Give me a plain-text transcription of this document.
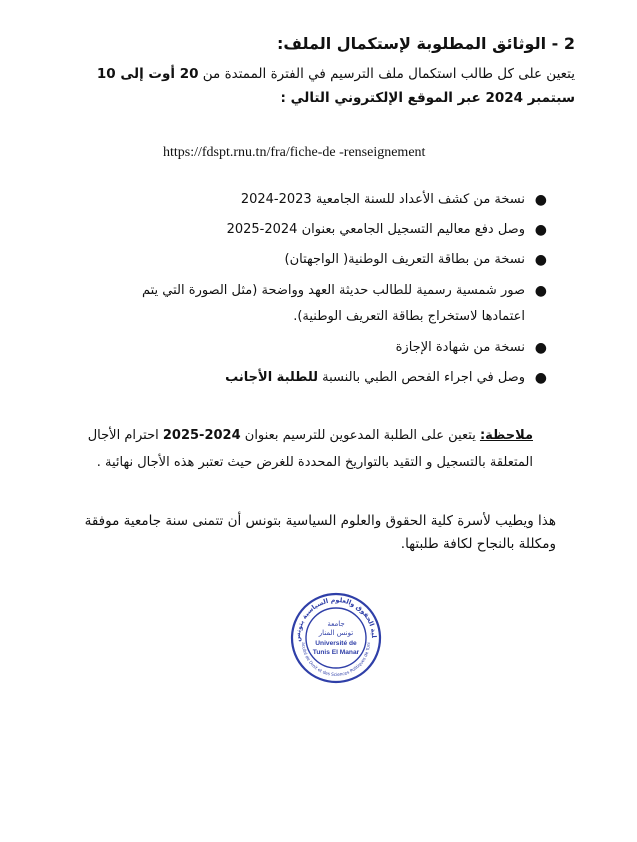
2 - الوثائق المطلوبة لإستكمال الملف:
يتعين على كل طالب استكمال ملف الترسيم في الفترة الممتدة من 20 أوت إلى 10
سبتمبر 2024 عبر الموقع الإلكتروني التالي :
https://fdspt.rnu.tn/fra/fiche-de -renseignement
●
نسخة من كشف الأعداد للسنة الجامعية 2023-2024
●
وصل دفع معاليم التسجيل الجامعي بعنوان 2024-2025
●
نسخة من بطاقة التعريف الوطنية( الواجهتان)
●
صور شمسية رسمية للطالب حديثة العهد وواضحة (مثل الصورة التي يتم
اعتمادها لاستخراج بطاقة التعريف الوطنية).
●
نسخة من شهادة الإجازة
●
وصل في اجراء الفحص الطبي بالنسبة للطلبة الأجانب
ملاحظة: يتعين على الطلبة المدعوين للترسيم بعنوان 2024-2025 احترام الأجال
المتعلقة بالتسجيل و التقيد بالتواريخ المحددة للغرض حيث تعتبر هذه الأجال نهائية .
هذا ويطيب لأسرة كلية الحقوق والعلوم السياسية بتونس أن تتمنى سنة جامعية موفقة
ومكللة بالنجاح لكافة طلبتها.
لية الحقوق والعلوم السياسية بتونس
aculté de Droit et des Sciences Politiques de Tuni
جامعة
تونس المنار
Université de
Tunis El Manar
